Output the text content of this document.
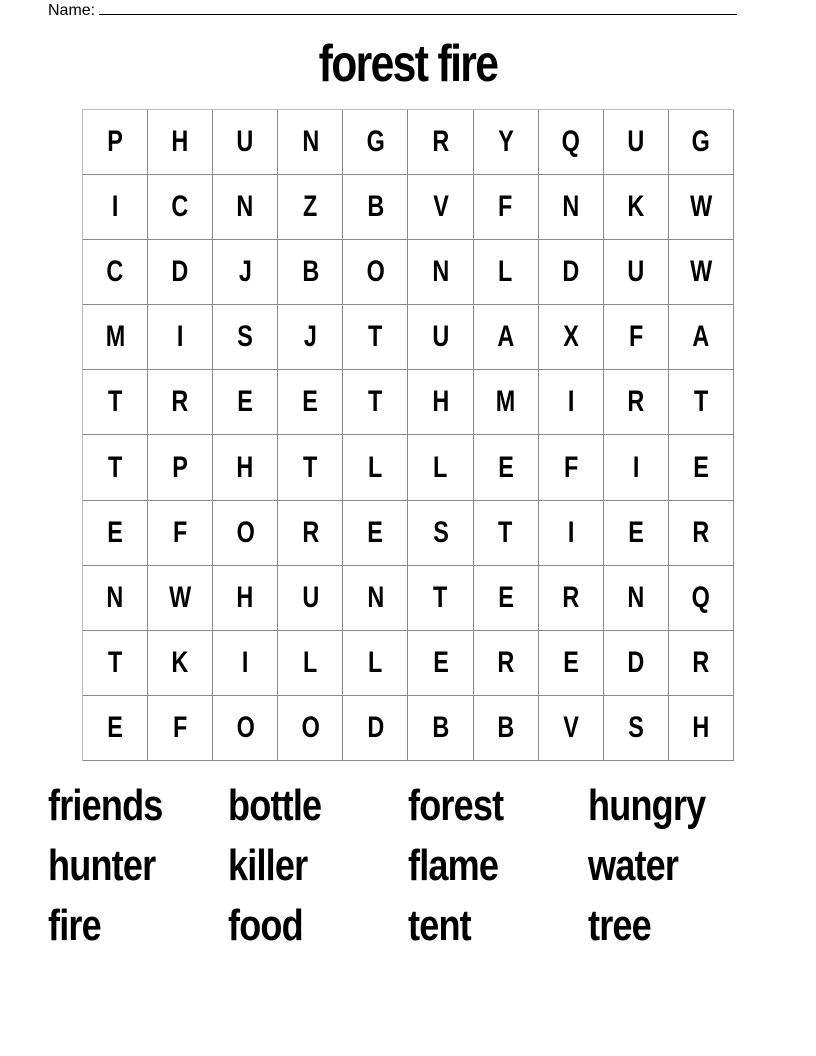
Name:
forest fire
P H U N G R Y Q U G
I C N Z B V F N K W
C D J B O N L D U W
M I S J T U A X F A
T R E E T H M I R T
T P H T L L E F I E
E F O R E S T I E R
N W H U N T E R N Q
T K I L L E R E D R
E F O O D B B V S H
friends	bottle	forest	hungry
hunter	killer	flame	water
fire	food	tent	tree
